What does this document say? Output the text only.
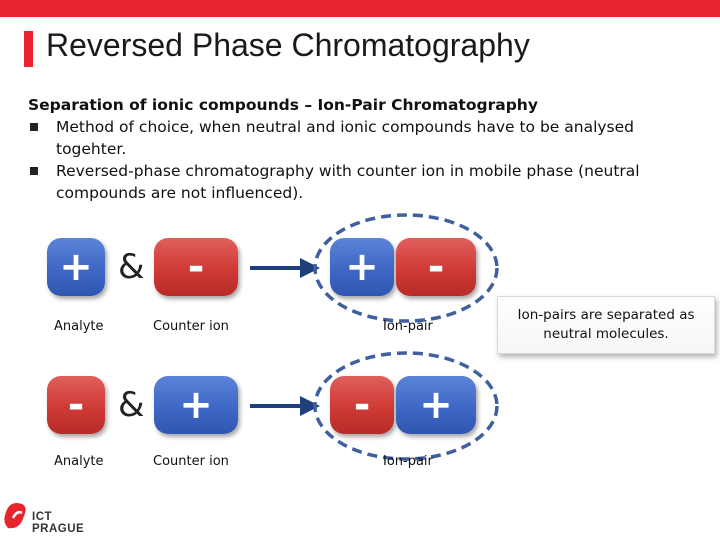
Reversed Phase Chromatography
Separation of ionic compounds – Ion-Pair Chromatography
Method of choice, when neutral and ionic compounds have to be analysed togehter.
Reversed-phase chromatography with counter ion in mobile phase (neutral compounds are not influenced).
+ &	-	+	-
Analyte	Counter ion	Ion-pair
- & +	-	+
Analyte	Counter ion	Ion-pair
Ion-pairs are separated as neutral molecules.
ICT
PRAGUE
